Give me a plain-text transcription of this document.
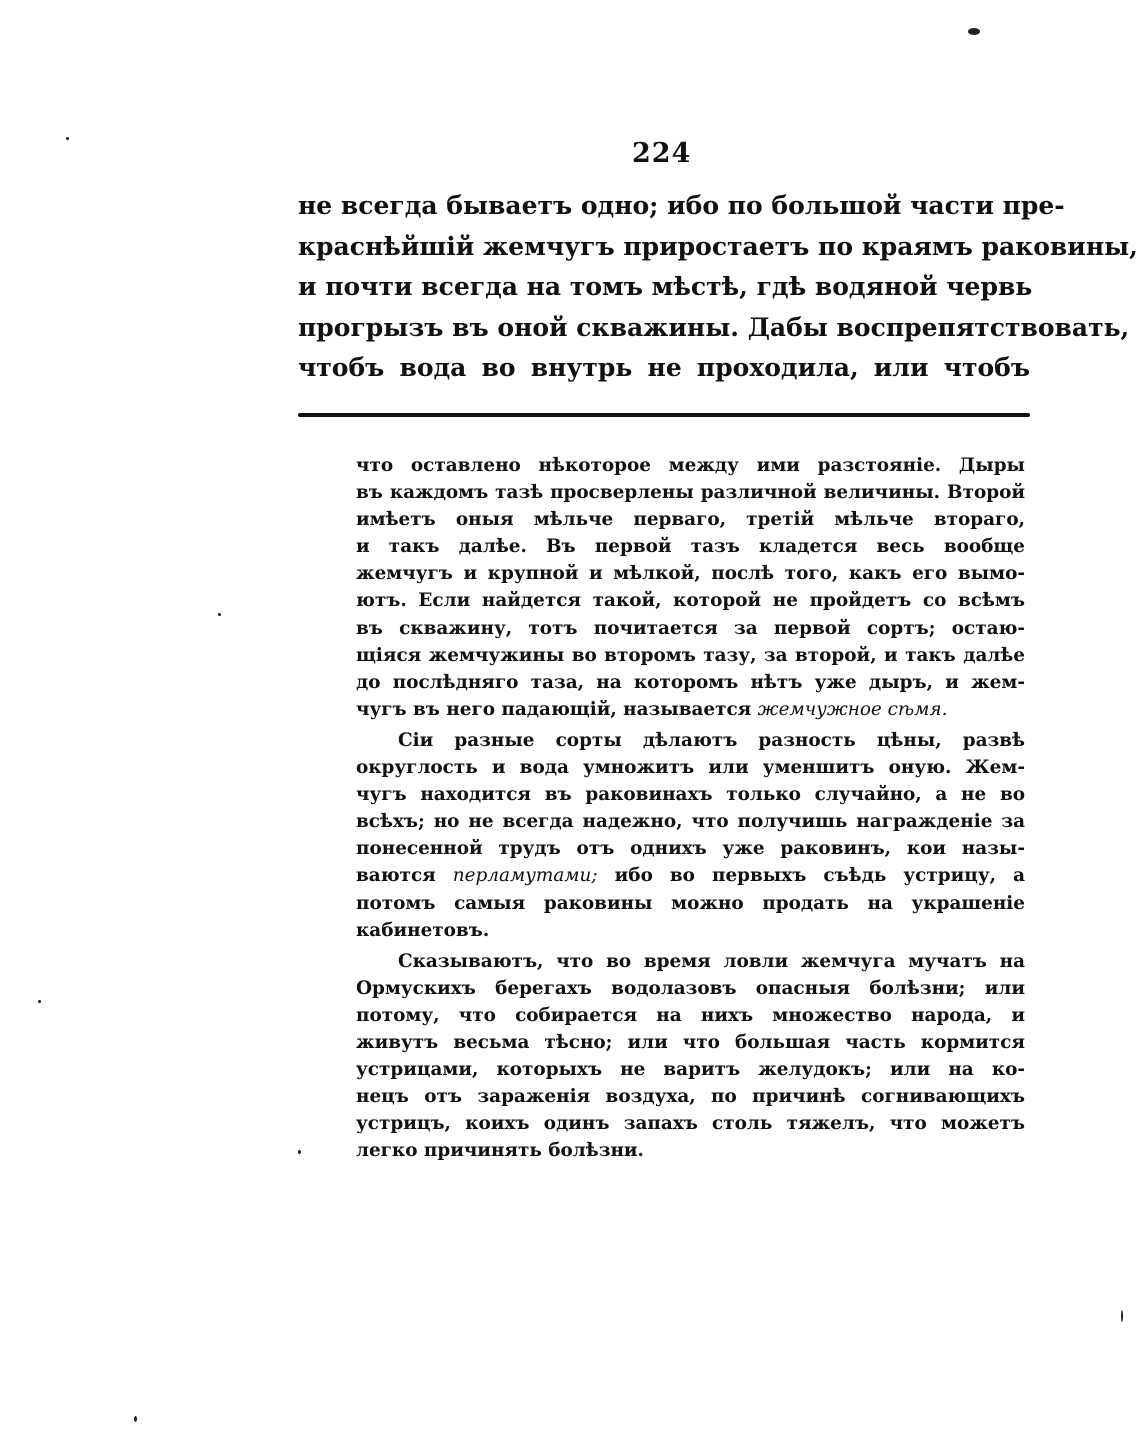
224
не всегда бываетъ одно; ибо по большой части пре-
краснѣйшій жемчугъ приростаетъ по краямъ раковины,
и почти всегда на томъ мѣстѣ, гдѣ водяной червь
прогрызъ въ оной скважины. Дабы воспрепятствовать,
чтобъ вода во внутрь не проходила, или чтобъ
что оставлено нѣкоторое между ими разстояніе. Дыры
въ каждомъ тазѣ просверлены различной величины. Второй
имѣетъ оныя мѣльче перваго, третій мѣльче втораго,
и такъ далѣе. Въ первой тазъ кладется весь вообще
жемчугъ и крупной и мѣлкой, послѣ того, какъ его вымо-
ютъ. Если найдется такой, которой не пройдетъ со всѣмъ
въ скважину, тотъ почитается за первой сортъ; остаю-
щіяся жемчужины во второмъ тазу, за второй, и такъ далѣе
до послѣдняго таза, на которомъ нѣтъ уже дыръ, и жем-
чугъ въ него падающій, называется жемчужное сѣмя.
Сіи разные сорты дѣлаютъ разность цѣны, развѣ
округлость и вода умножитъ или уменшитъ оную. Жем-
чугъ находится въ раковинахъ только случайно, а не во
всѣхъ; но не всегда надежно, что получишь награжденіе за
понесенной трудъ отъ однихъ уже раковинъ, кои назы-
ваются перламутами; ибо во первыхъ съѣдь устрицу, а
потомъ самыя раковины можно продать на украшеніе
кабинетовъ.
Сказываютъ, что во время ловли жемчуга мучатъ на
Ормускихъ берегахъ водолазовъ опасныя болѣзни; или
потому, что собирается на нихъ множество народа, и
живутъ весьма тѣсно; или что большая часть кормится
устрицами, которыхъ не варитъ желудокъ; или на ко-
нецъ отъ зараженія воздуха, по причинѣ согнивающихъ
устрицъ, коихъ одинъ запахъ столь тяжелъ, что можетъ
легко причинять болѣзни.
